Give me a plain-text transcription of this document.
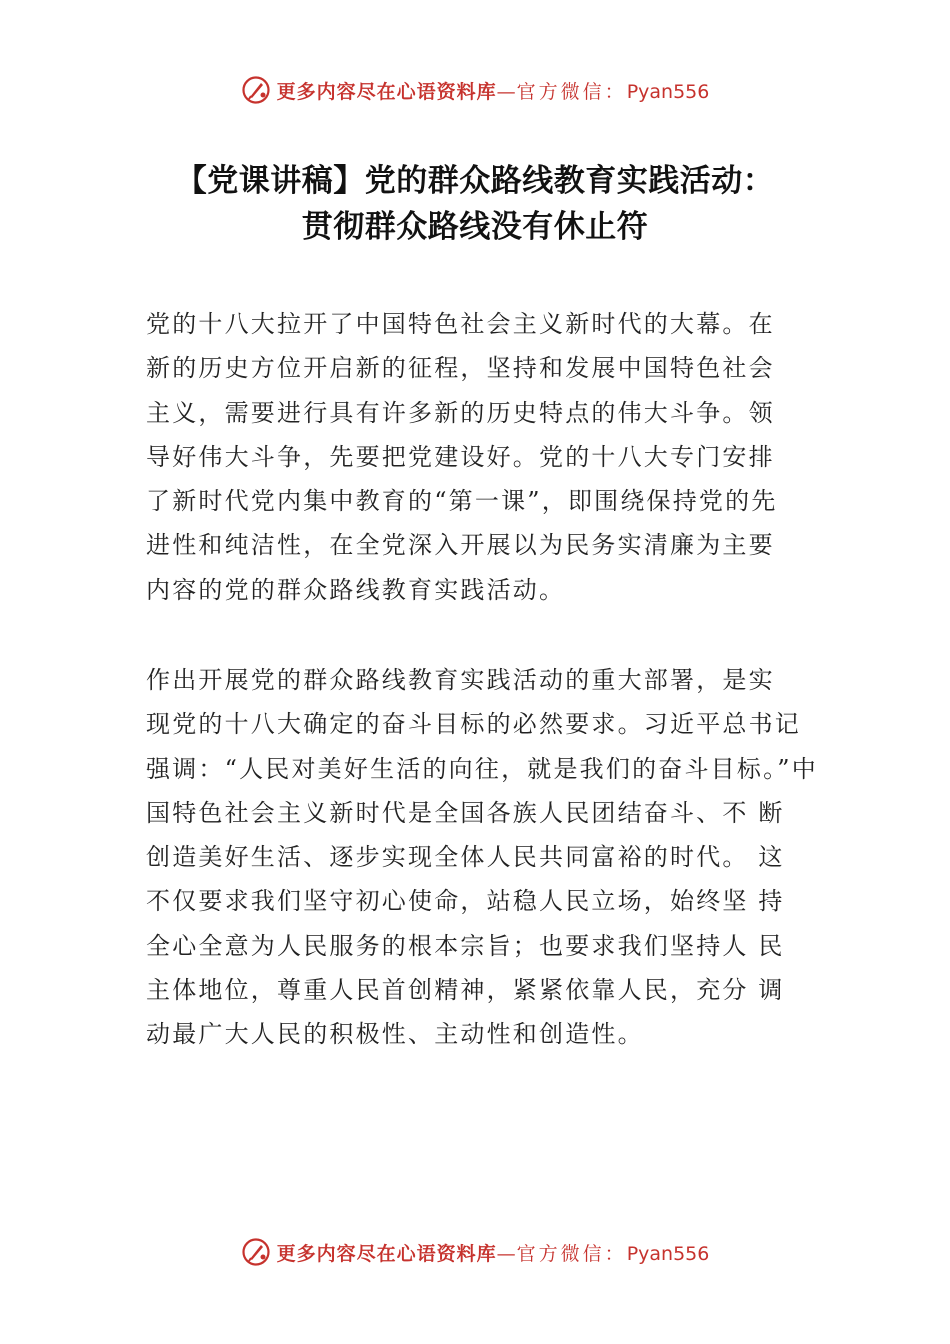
更多内容尽在心语资料库—官方微信：Pyan556
【党课讲稿】党的群众路线教育实践活动：
贯彻群众路线没有休止符
党的十八大拉开了中国特色社会主义新时代的大幕。在
新的历史方位开启新的征程，坚持和发展中国特色社会
主义，需要进行具有许多新的历史特点的伟大斗争。领
导好伟大斗争，先要把党建设好。党的十八大专门安排
了新时代党内集中教育的“第一课”，即围绕保持党的先
进性和纯洁性，在全党深入开展以为民务实清廉为主要
内容的党的群众路线教育实践活动。
作出开展党的群众路线教育实践活动的重大部署，是实
现党的十八大确定的奋斗目标的必然要求。习近平总书记
强调：“人民对美好生活的向往，就是我们的奋斗目标。”中
国特色社会主义新时代是全国各族人民团结奋斗、不 断
创造美好生活、逐步实现全体人民共同富裕的时代。 这
不仅要求我们坚守初心使命，站稳人民立场，始终坚 持
全心全意为人民服务的根本宗旨；也要求我们坚持人 民
主体地位，尊重人民首创精神，紧紧依靠人民，充分 调
动最广大人民的积极性、主动性和创造性。
更多内容尽在心语资料库—官方微信：Pyan556
